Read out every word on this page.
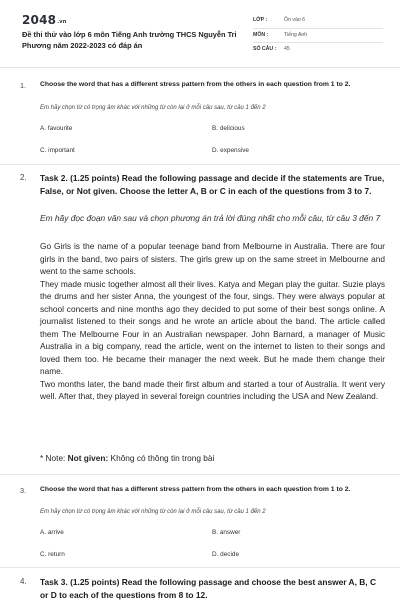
2048.vn
Đề thi thử vào lớp 6 môn Tiếng Anh trường THCS Nguyễn Tri Phương năm 2022-2023 có đáp án
LỚP :	Ôn vào 6
MÔN :	Tiếng Anh
SỐ CÂU : 45
1. Choose the word that has a different stress pattern from the others in each question from 1 to 2.
Em hãy chọn từ có trọng âm khác với những từ còn lại ở mỗi câu sau, từ câu 1 đến 2
A. favourite	B. delicious
C. important	D. expensive
2. Task 2. (1.25 points) Read the following passage and decide if the statements are True, False, or Not given. Choose the letter A, B or C in each of the questions from 3 to 7.
Em hãy đọc đoạn văn sau và chọn phương án trả lời đúng nhất cho mỗi câu, từ câu 3 đến 7

Go Girls is the name of a popular teenage band from Melbourne in Australia. There are four girls in the band, two pairs of sisters. The girls grew up on the same street in Melbourne and went to the same schools.

They made music together almost all their lives. Katya and Megan play the guitar. Suzie plays the drums and her sister Anna, the youngest of the four, sings. They were always popular at school concerts and nine months ago they decided to put some of their best songs online. A journalist listened to their songs and he wrote an article about the band. The article called them The Melbourne Four in an Australian newspaper. John Barnard, a manager of Music Australia in a big company, read the article, went on the internet to listen to their songs and loved them too. He became their manager the next week. But he made them change their name.

Two months later, the band made their first album and started a tour of Australia. It went very well. After that, they played in several foreign countries including the USA and New Zealand.

* Note: Not given: Không có thông tin trong bài
3. Choose the word that has a different stress pattern from the others in each question from 1 to 2.
Em hãy chọn từ có trọng âm khác với những từ còn lại ở mỗi câu sau, từ câu 1 đến 2
A. arrive	B. answer
C. return	D. decide
4. Task 3. (1.25 points) Read the following passage and choose the best answer A, B, C or D to each of the questions from 8 to 12.
